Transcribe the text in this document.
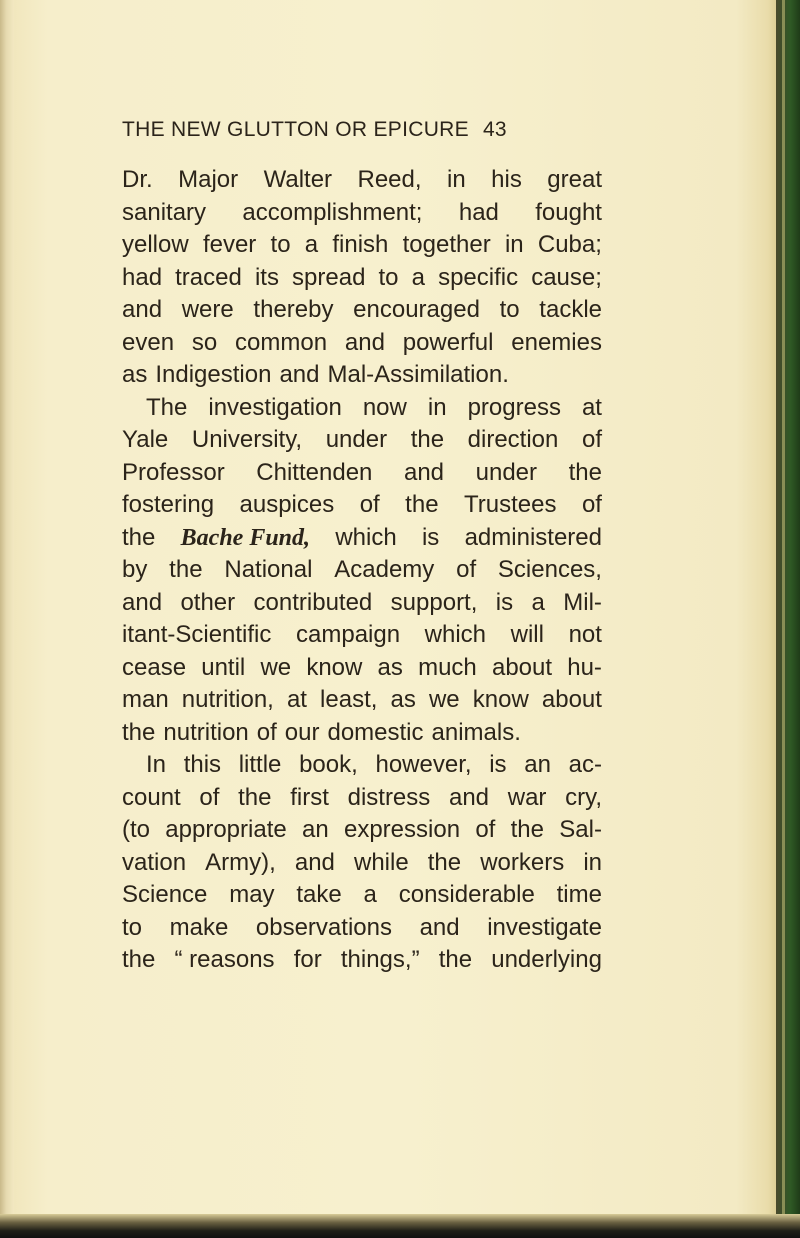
THE NEW GLUTTON OR EPICURE 43
Dr. Major Walter Reed, in his great
sanitary accomplishment; had fought
yellow fever to a finish together in Cuba;
had traced its spread to a specific cause;
and were thereby encouraged to tackle
even so common and powerful enemies
as Indigestion and Mal-Assimilation.
The investigation now in progress at
Yale University, under the direction of
Professor Chittenden and under the
fostering auspices of the Trustees of
the Bache Fund, which is administered
by the National Academy of Sciences,
and other contributed support, is a Mil-
itant-Scientific campaign which will not
cease until we know as much about hu-
man nutrition, at least, as we know about
the nutrition of our domestic animals.
In this little book, however, is an ac-
count of the first distress and war cry,
(to appropriate an expression of the Sal-
vation Army), and while the workers in
Science may take a considerable time
to make observations and investigate
the “ reasons for things,” the underlying
